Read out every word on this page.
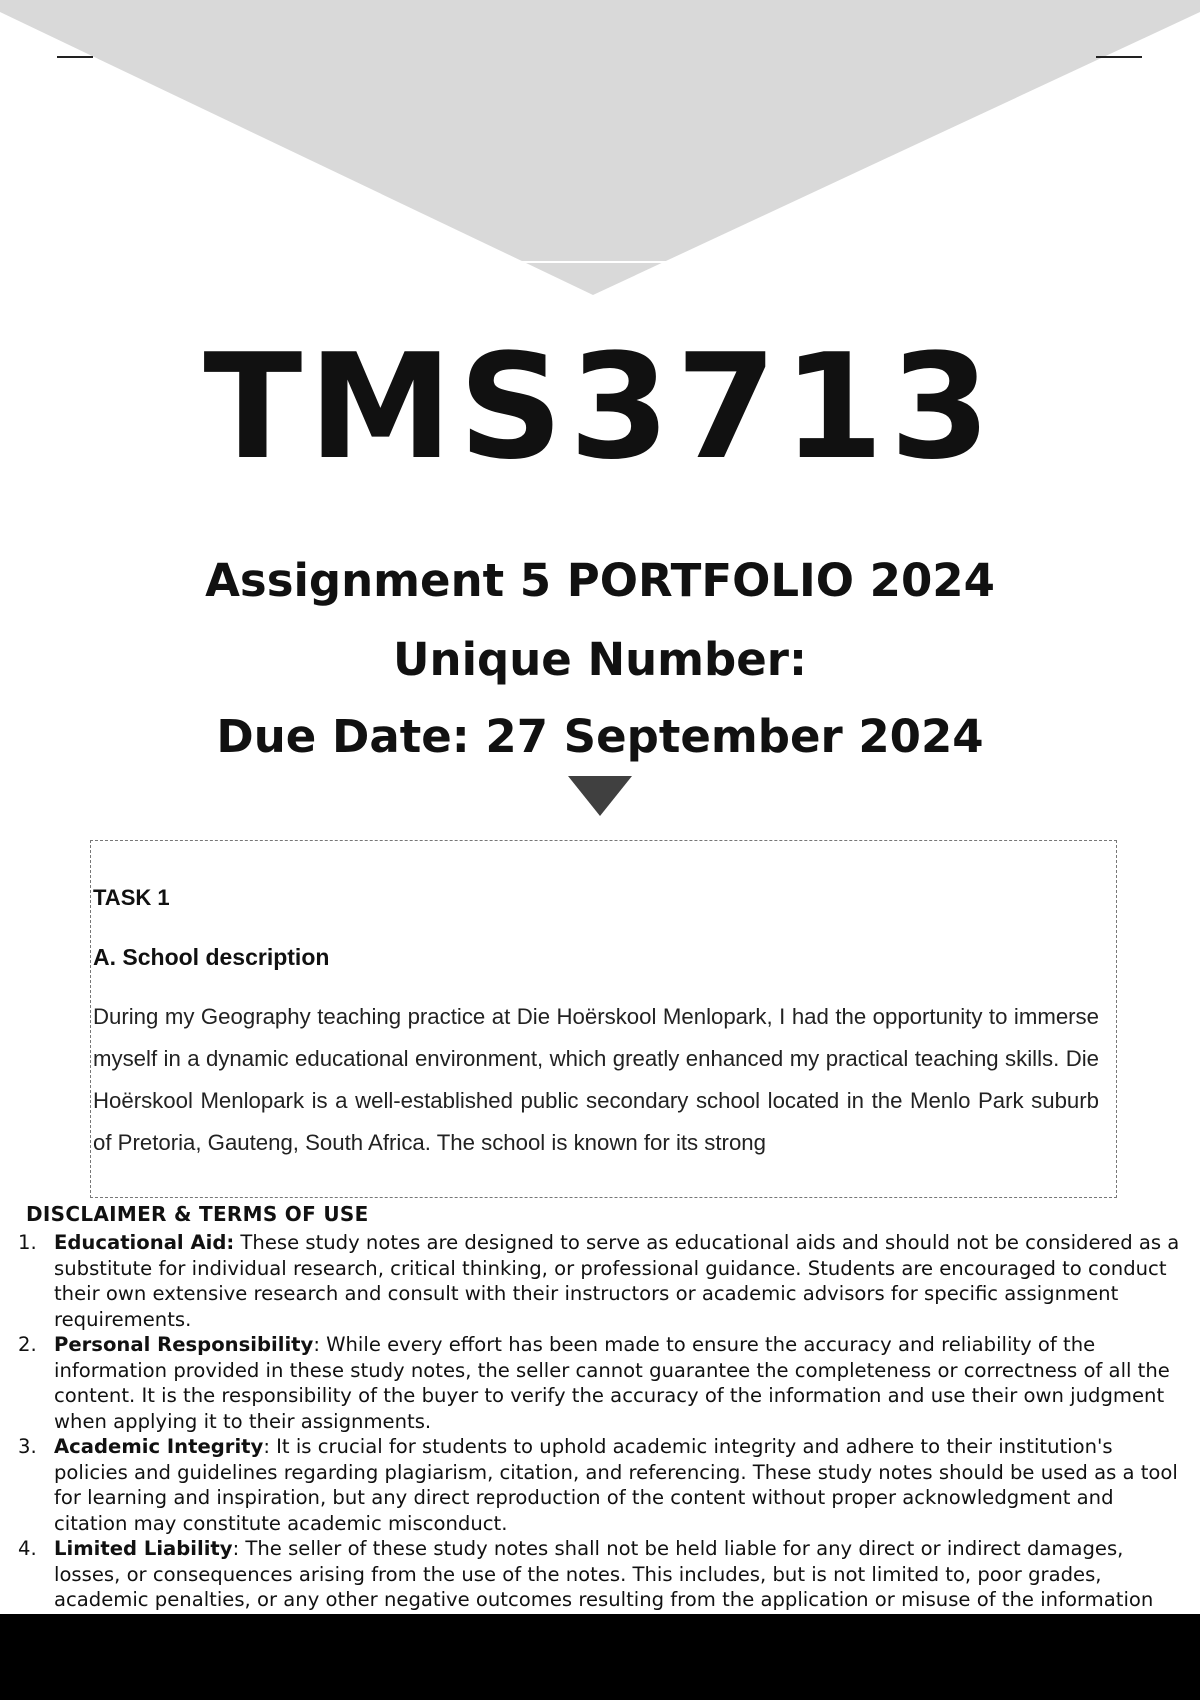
TMS3713
Assignment 5 PORTFOLIO 2024
Unique Number:
Due Date: 27 September 2024
TASK 1
A. School description

During my Geography teaching practice at Die Hoërskool Menlopark, I had the opportunity to immerse myself in a dynamic educational environment, which greatly enhanced my practical teaching skills. Die Hoërskool Menlopark is a well-established public secondary school located in the Menlo Park suburb of Pretoria, Gauteng, South Africa. The school is known for its strong

DISCLAIMER & TERMS OF USE
1. Educational Aid: These study notes are designed to serve as educational aids and should not be considered as a substitute for individual research, critical thinking, or professional guidance. Students are encouraged to conduct their own extensive research and consult with their instructors or academic advisors for specific assignment requirements.
2. Personal Responsibility: While every effort has been made to ensure the accuracy and reliability of the information provided in these study notes, the seller cannot guarantee the completeness or correctness of all the content. It is the responsibility of the buyer to verify the accuracy of the information and use their own judgment when applying it to their assignments.
3. Academic Integrity: It is crucial for students to uphold academic integrity and adhere to their institution's policies and guidelines regarding plagiarism, citation, and referencing. These study notes should be used as a tool for learning and inspiration, but any direct reproduction of the content without proper acknowledgment and citation may constitute academic misconduct.
4. Limited Liability: The seller of these study notes shall not be held liable for any direct or indirect damages, losses, or consequences arising from the use of the notes. This includes, but is not limited to, poor grades, academic penalties, or any other negative outcomes resulting from the application or misuse of the information
